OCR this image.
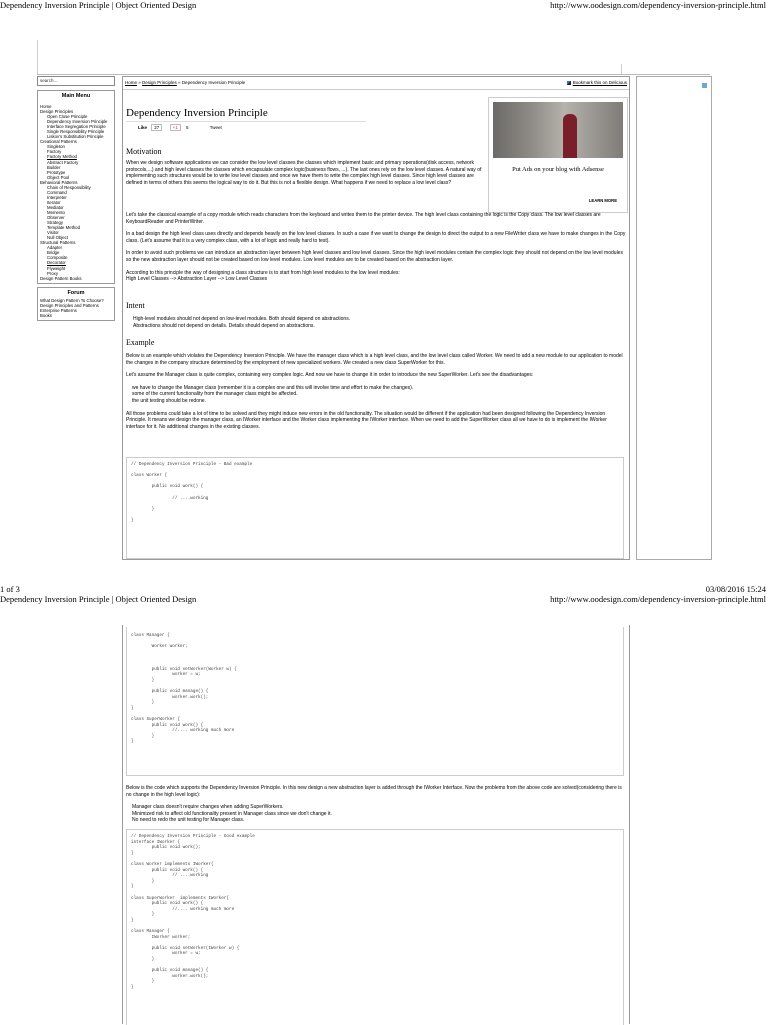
Dependency Inversion Principle | Object Oriented Design	http://www.oodesign.com/dependency-inversion-principle.html
search...
Main Menu
Home
Design Principles
Open Close Principle
Dependency Inversion Principle
Interface Segregation Principle
Single Responsibility Principle
Liskov's Substitution Principle
Creational Patterns
Singleton
Factory
Factory Method
Abstract Factory
Builder
Prototype
Object Pool
Behavioral Patterns
Chain of Responsibility
Command
Interpreter
Iterator
Mediator
Memento
Observer
Strategy
Template Method
Visitor
Null Object
Structural Patterns
Adapter
Bridge
Composite
Decorator
Flyweight
Proxy
Design Pattern Books
Forum
What Design Pattern To Choose?
Design Principles and Patterns
Enterprise Patterns
Books
Home » Design Principles » Dependency Inversion Principle	Bookmark this on Delicious
Dependency Inversion Principle
Like 27	+1 5	Tweet
Put Ads on your blog with Adsense
LEARN MORE
Motivation

When we design software applications we can consider the low level classes the classes which implement basic and primary operations(disk access, network protocols,...) and high level classes the classes which encapsulate complex logic(business flows, ...). The last ones rely on the low level classes. A natural way of implementing such structures would be to write low level classes and once we have them to write the complex high level classes. Since high level classes are defined in terms of others this seems the logical way to do it. But this is not a flexible design. What happens if we need to replace a low level class?

Let's take the classical example of a copy module which reads characters from the keyboard and writes them to the printer device. The high level class containing the logic is the Copy class. The low level classes are KeyboardReader and PrinterWriter.

In a bad design the high level class uses directly and depends heavily on the low level classes. In such a case if we want to change the design to direct the output to a new FileWriter class we have to make changes in the Copy class. (Let's assume that it is a very complex class, with a lot of logic and really hard to test).

In order to avoid such problems we can introduce an abstraction layer between high level classes and low level classes. Since the high level modules contain the complex logic they should not depend on the low level modules so the new abstraction layer should not be created based on low level modules. Low level modules are to be created based on the abstraction layer.

According to this principle the way of designing a class structure is to start from high level modules to the low level modules:

High Level Classes --> Abstraction Layer --> Low Level Classes

Intent

High-level modules should not depend on low-level modules. Both should depend on abstractions.

Abstractions should not depend on details. Details should depend on abstractions.

Example

Below is an example which violates the Dependency Inversion Principle. We have the manager class which is a high level class, and the low level class called Worker. We need to add a new module to our application to model the changes in the company structure determined by the employment of new specialized workers. We created a new class SuperWorker for this.

Let's assume the Manager class is quite complex, containing very complex logic. And now we have to change it in order to introduce the new SuperWorker. Let's see the disadvantages:

we have to change the Manager class (remember it is a complex one and this will involve time and effort to make the changes).

some of the current functionality from the manager class might be affected.

the unit testing should be redone.

All those problems could take a lot of time to be solved and they might induce new errors in the old functionality. The situation would be different if the application had been designed following the Dependency Inversion Principle. It means we design the manager class, an IWorker interface and the Worker class implementing the IWorker interface. When we need to add the SuperWorker class all we have to do is implement the IWorker interface for it. No additional changes in the existing classes.

// Dependency Inversion Principle - Bad example

class Worker {

public void work() {

// ....working

}

}
1 of 3	03/08/2016 15:24
Dependency Inversion Principle | Object Oriented Design	http://www.oodesign.com/dependency-inversion-principle.html
class Manager {

Worker worker;

public void setWorker(Worker w) {
worker = w;
}

public void manage() {
worker.work();
}
}

class SuperWorker {
public void work() {
//.... working much more
}
}

Below is the code which supports the Dependency Inversion Principle. In this new design a new abstraction layer is added through the IWorker Interface. Now the problems from the above code are solved(considering there is no change in the high level logic):

Manager class doesn't require changes when adding SuperWorkers.

Minimized risk to affect old functionality present in Manager class since we don't change it.

No need to redo the unit testing for Manager class.

// Dependency Inversion Principle - Good example
interface IWorker {
public void work();
}

class Worker implements IWorker{
public void work() {
// ....working
}
}

class SuperWorker  implements IWorker{
public void work() {
//.... working much more
}
}

class Manager {
IWorker worker;

public void setWorker(IWorker w) {
worker = w;
}

public void manage() {
worker.work();
}
}
